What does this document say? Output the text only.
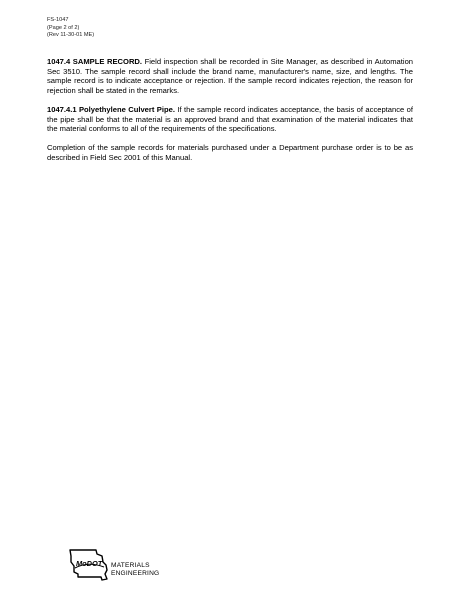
FS-1047
(Page 2 of 2)
(Rev 11-30-01 ME)

1047.4 SAMPLE RECORD. Field inspection shall be recorded in Site Manager, as described in Automation Sec 3510. The sample record shall include the brand name, manufacturer's name, size, and lengths. The sample record is to indicate acceptance or rejection. If the sample record indicates rejection, the reason for rejection shall be stated in the remarks.

1047.4.1 Polyethylene Culvert Pipe. If the sample record indicates acceptance, the basis of acceptance of the pipe shall be that the material is an approved brand and that examination of the material indicates that the material conforms to all of the requirements of the specifications.

Completion of the sample records for materials purchased under a Department purchase order is to be as described in Field Sec 2001 of this Manual.

MoDOT MATERIALS
ENGINEERING
